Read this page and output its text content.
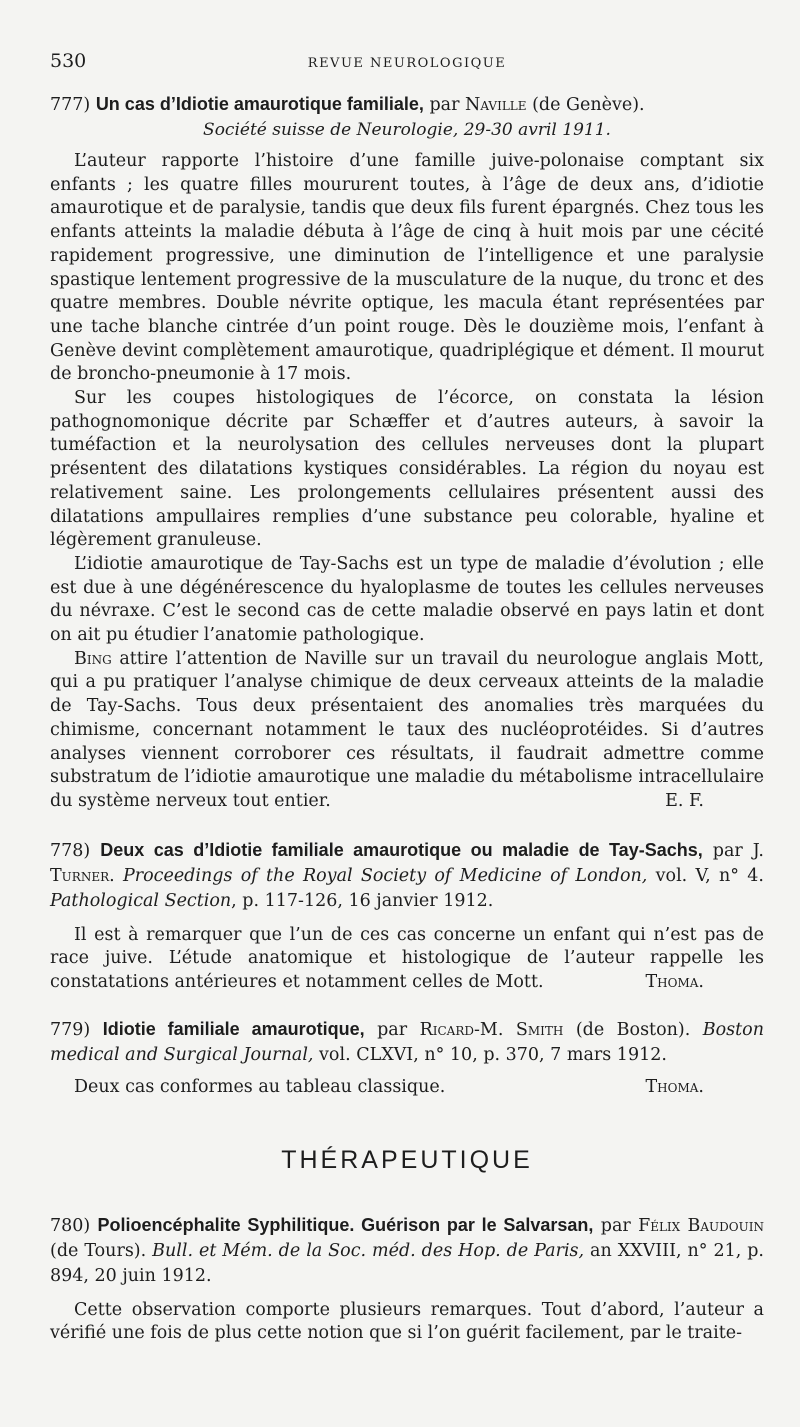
530	REVUE NEUROLOGIQUE

777) Un cas d’Idiotie amaurotique familiale, par Naville (de Genève).

Société suisse de Neurologie, 29-30 avril 1911.

L’auteur rapporte l’histoire d’une famille juive-polonaise comptant six enfants ; les quatre filles moururent toutes, à l’âge de deux ans, d’idiotie amaurotique et de paralysie, tandis que deux fils furent épargnés. Chez tous les enfants atteints la maladie débuta à l’âge de cinq à huit mois par une cécité rapidement progressive, une diminution de l’intelligence et une paralysie spastique lentement progressive de la musculature de la nuque, du tronc et des quatre membres. Double névrite optique, les macula étant représentées par une tache blanche cintrée d’un point rouge. Dès le douzième mois, l’enfant à Genève devint complètement amaurotique, quadriplégique et dément. Il mourut de broncho-pneumonie à 17 mois.

Sur les coupes histologiques de l’écorce, on constata la lésion pathognomonique décrite par Schæffer et d’autres auteurs, à savoir la tuméfaction et la neurolysation des cellules nerveuses dont la plupart présentent des dilatations kystiques considérables. La région du noyau est relativement saine. Les prolongements cellulaires présentent aussi des dilatations ampullaires remplies d’une substance peu colorable, hyaline et légèrement granuleuse.

L’idiotie amaurotique de Tay-Sachs est un type de maladie d’évolution ; elle est due à une dégénérescence du hyaloplasme de toutes les cellules nerveuses du névraxe. C’est le second cas de cette maladie observé en pays latin et dont on ait pu étudier l’anatomie pathologique.

Bing attire l’attention de Naville sur un travail du neurologue anglais Mott, qui a pu pratiquer l’analyse chimique de deux cerveaux atteints de la maladie de Tay-Sachs. Tous deux présentaient des anomalies très marquées du chimisme, concernant notamment le taux des nucléoprotéides. Si d’autres analyses viennent corroborer ces résultats, il faudrait admettre comme substratum de l’idiotie amaurotique une maladie du métabolisme intracellulaire du système nerveux tout entier.	E. F.

778) Deux cas d’Idiotie familiale amaurotique ou maladie de Tay-Sachs, par J. Turner. Proceedings of the Royal Society of Medicine of London, vol. V, n° 4. Pathological Section, p. 117-126, 16 janvier 1912.

Il est à remarquer que l’un de ces cas concerne un enfant qui n’est pas de race juive. L’étude anatomique et histologique de l’auteur rappelle les constatations antérieures et notamment celles de Mott.	Thoma.

779) Idiotie familiale amaurotique, par Ricard-M. Smith (de Boston). Boston medical and Surgical Journal, vol. CLXVI, n° 10, p. 370, 7 mars 1912.

Deux cas conformes au tableau classique.	Thoma.

THÉRAPEUTIQUE

780) Polioencéphalite Syphilitique. Guérison par le Salvarsan, par Félix Baudouin (de Tours). Bull. et Mém. de la Soc. méd. des Hop. de Paris, an XXVIII, n° 21, p. 894, 20 juin 1912.

Cette observation comporte plusieurs remarques. Tout d’abord, l’auteur a vérifié une fois de plus cette notion que si l’on guérit facilement, par le traite-
